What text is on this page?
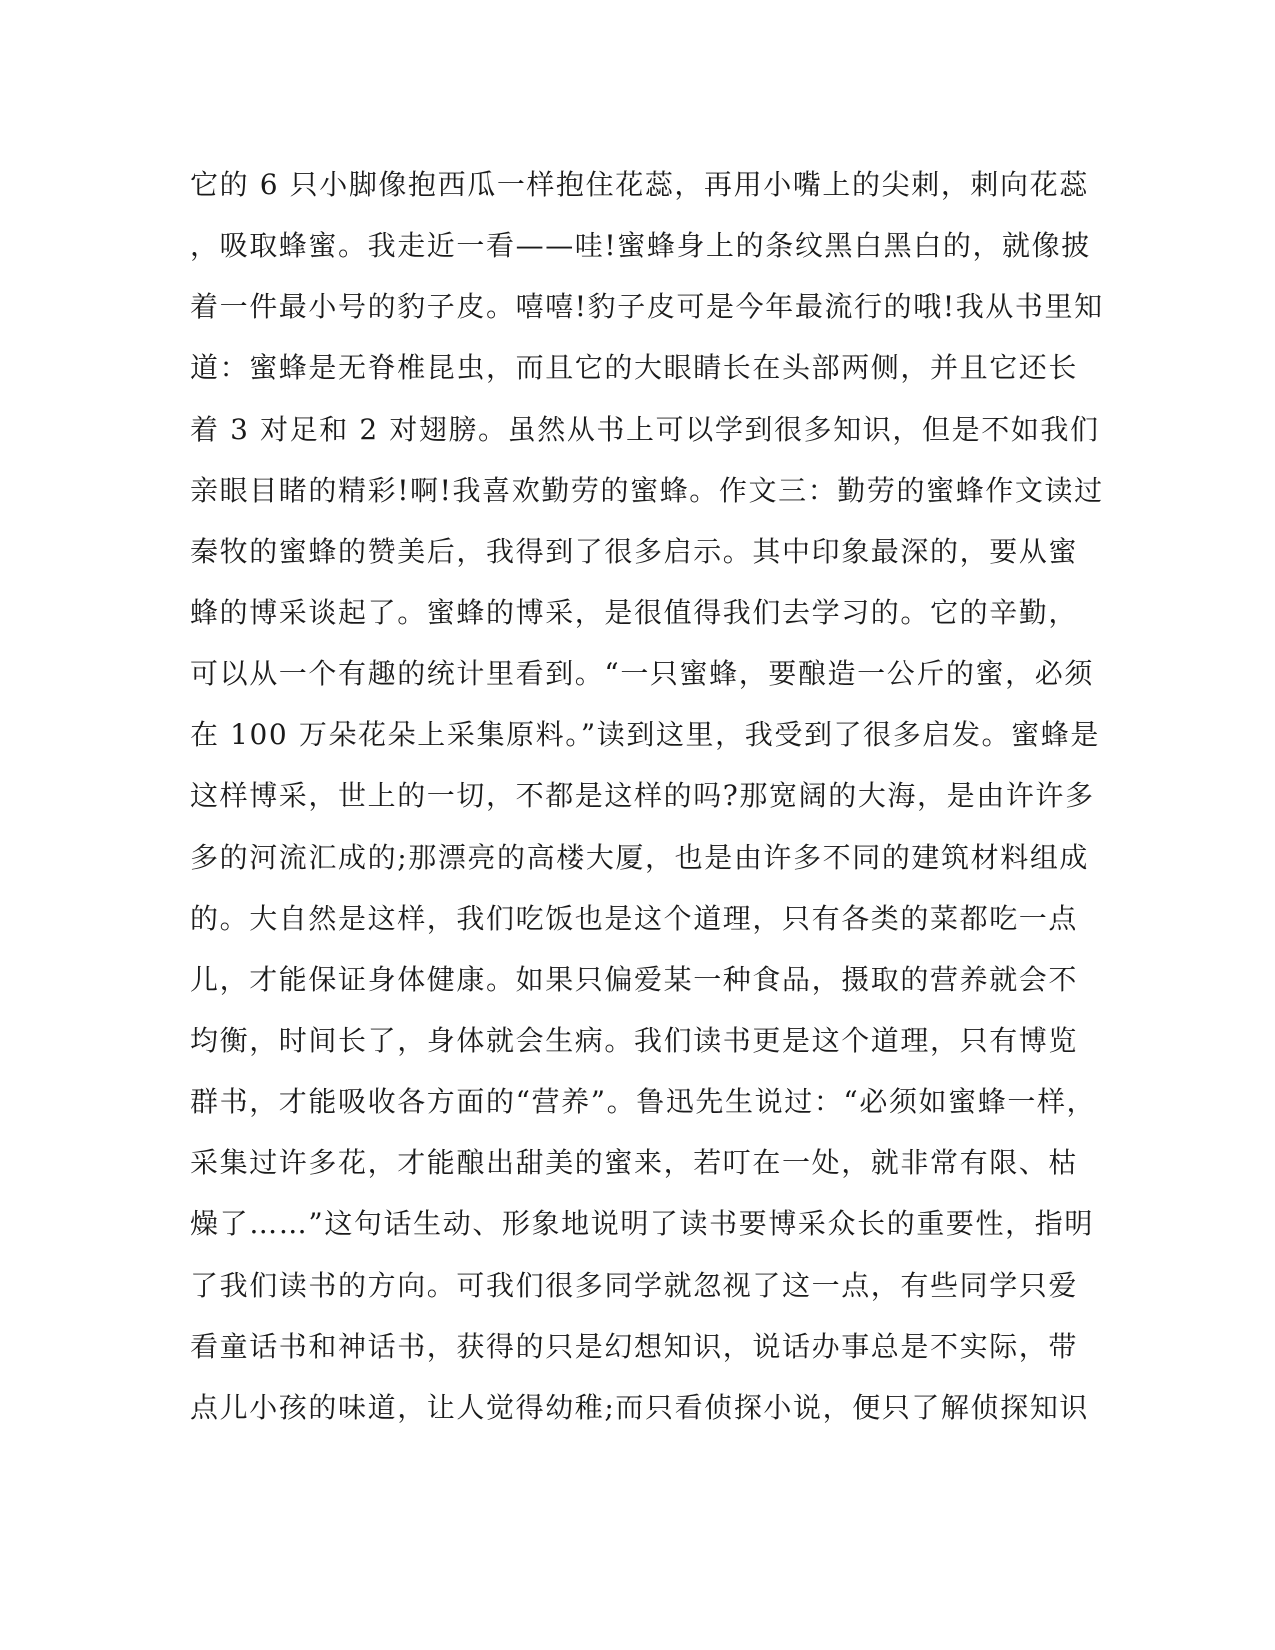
它的 6 只小脚像抱西瓜一样抱住花蕊，再用小嘴上的尖刺，刺向花蕊
，吸取蜂蜜。我走近一看——哇!蜜蜂身上的条纹黑白黑白的，就像披
着一件最小号的豹子皮。嘻嘻!豹子皮可是今年最流行的哦!我从书里知
道：蜜蜂是无脊椎昆虫，而且它的大眼睛长在头部两侧，并且它还长
着 3 对足和 2 对翅膀。虽然从书上可以学到很多知识，但是不如我们
亲眼目睹的精彩!啊!我喜欢勤劳的蜜蜂。作文三：勤劳的蜜蜂作文读过
秦牧的蜜蜂的赞美后，我得到了很多启示。其中印象最深的，要从蜜
蜂的博采谈起了。蜜蜂的博采，是很值得我们去学习的。它的辛勤，
可以从一个有趣的统计里看到。“一只蜜蜂，要酿造一公斤的蜜，必须
在 100 万朵花朵上采集原料。”读到这里，我受到了很多启发。蜜蜂是
这样博采，世上的一切，不都是这样的吗?那宽阔的大海，是由许许多
多的河流汇成的;那漂亮的高楼大厦，也是由许多不同的建筑材料组成
的。大自然是这样，我们吃饭也是这个道理，只有各类的菜都吃一点
儿，才能保证身体健康。如果只偏爱某一种食品，摄取的营养就会不
均衡，时间长了，身体就会生病。我们读书更是这个道理，只有博览
群书，才能吸收各方面的“营养”。鲁迅先生说过：“必须如蜜蜂一样，
采集过许多花，才能酿出甜美的蜜来，若叮在一处，就非常有限、枯
燥了……”这句话生动、形象地说明了读书要博采众长的重要性，指明
了我们读书的方向。可我们很多同学就忽视了这一点，有些同学只爱
看童话书和神话书，获得的只是幻想知识，说话办事总是不实际，带
点儿小孩的味道，让人觉得幼稚;而只看侦探小说，便只了解侦探知识
